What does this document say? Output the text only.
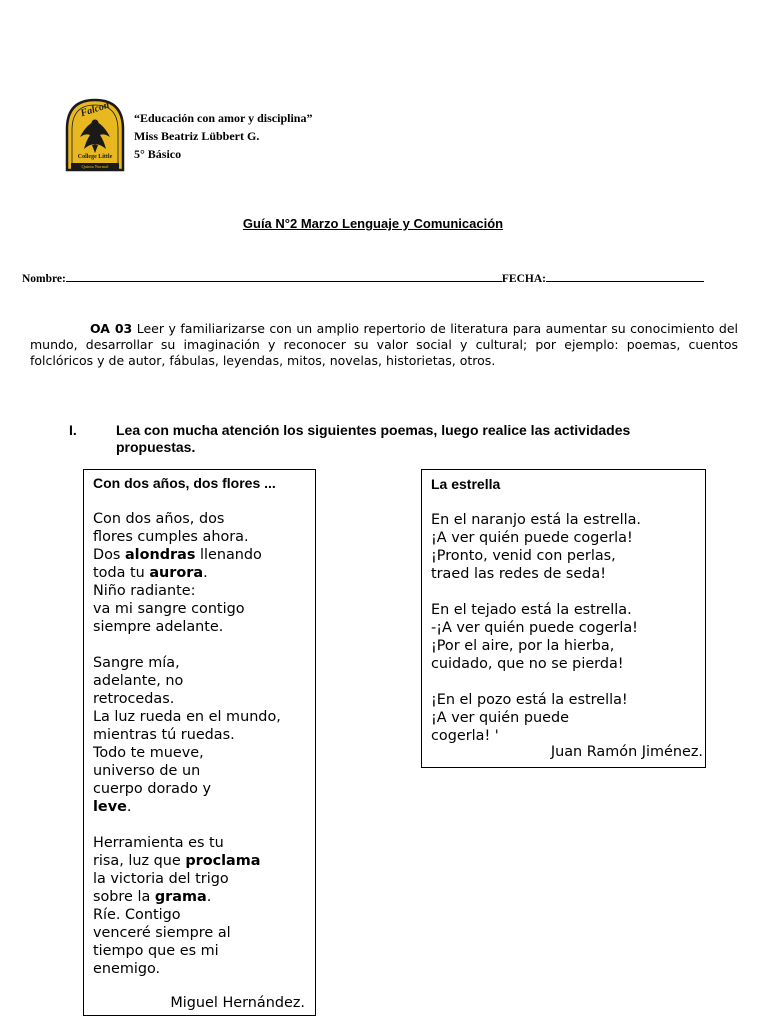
Falcon
College Little
Quinta Normal
“Educación con amor y disciplina”
Miss Beatriz Lübbert G.
5° Básico
Guía N°2 Marzo Lenguaje y Comunicación
Nombre:	FECHA:
OA 03 Leer y familiarizarse con un amplio repertorio de literatura para aumentar su conocimiento del mundo, desarrollar su imaginación y reconocer su valor social y cultural; por ejemplo: poemas, cuentos folclóricos y de autor, fábulas, leyendas, mitos, novelas, historietas, otros.
I.	Lea con mucha atención los siguientes poemas, luego realice las actividades propuestas.
Con dos años, dos flores ...
Con dos años, dos
flores cumples ahora.
Dos alondras llenando
toda tu aurora.
Niño radiante:
va mi sangre contigo
siempre adelante.
Sangre mía,
adelante, no
retrocedas.
La luz rueda en el mundo,
mientras tú ruedas.
Todo te mueve,
universo de un
cuerpo dorado y
leve.
Herramienta es tu
risa, luz que proclama
la victoria del trigo
sobre la grama.
Ríe. Contigo
venceré siempre al
tiempo que es mi
enemigo.
Miguel Hernández.
La estrella
En el naranjo está la estrella.
¡A ver quién puede cogerla!
¡Pronto, venid con perlas,
traed las redes de seda!
En el tejado está la estrella.
-¡A ver quién puede cogerla!
¡Por el aire, por la hierba,
cuidado, que no se pierda!
¡En el pozo está la estrella!
¡A ver quién puede
cogerla! '
Juan Ramón Jiménez.
